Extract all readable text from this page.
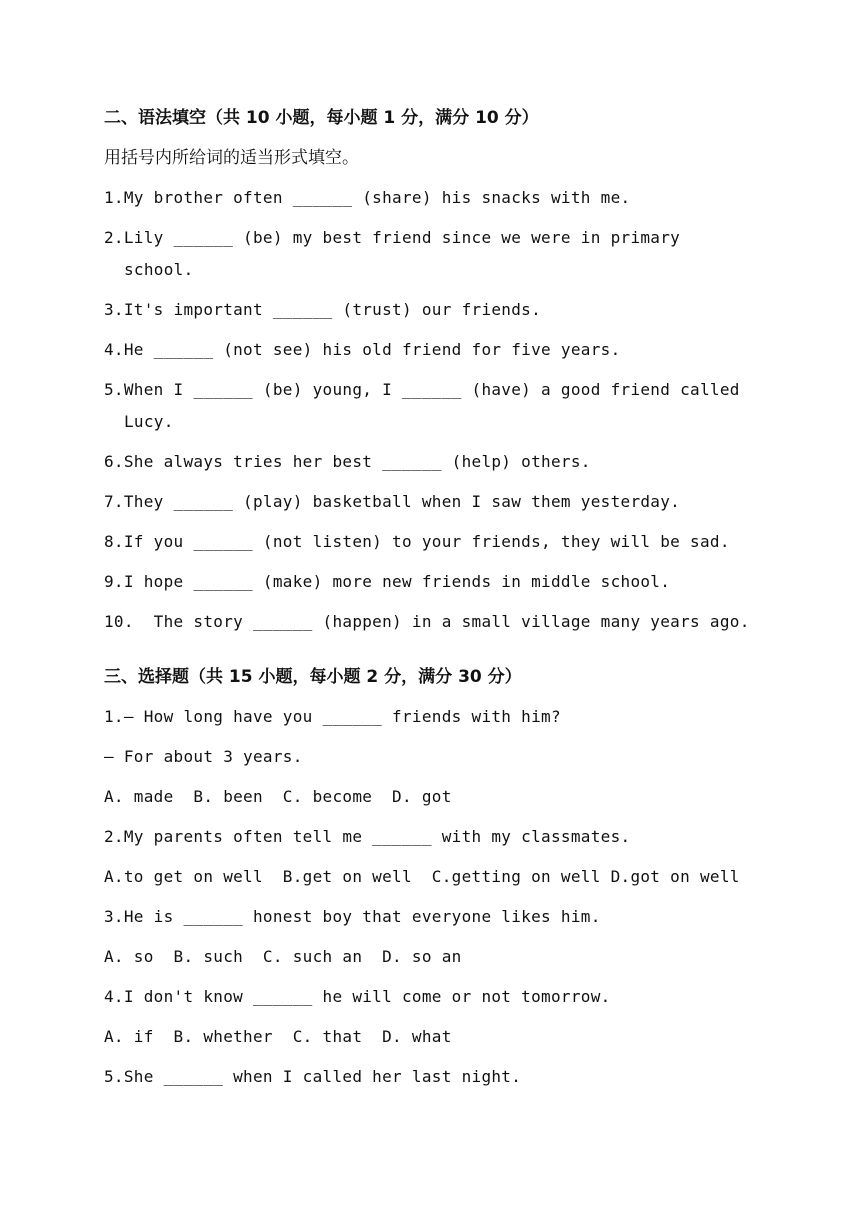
二、语法填空（共 10 小题，每小题 1 分，满分 10 分）
用括号内所给词的适当形式填空。
1.My brother often ______ (share) his snacks with me.
2.Lily ______ (be) my best friend since we were in primary
school.
3.It's important ______ (trust) our friends.
4.He ______ (not see) his old friend for five years.
5.When I ______ (be) young, I ______ (have) a good friend called
Lucy.
6.She always tries her best ______ (help) others.
7.They ______ (play) basketball when I saw them yesterday.
8.If you ______ (not listen) to your friends, they will be sad.
9.I hope ______ (make) more new friends in middle school.
10.  The story ______ (happen) in a small village many years ago.
三、选择题（共 15 小题，每小题 2 分，满分 30 分）
1.— How long have you ______ friends with him?
— For about 3 years.
A. made  B. been  C. become  D. got
2.My parents often tell me ______ with my classmates.
A.to get on well  B.get on well  C.getting on well D.got on well
3.He is ______ honest boy that everyone likes him.
A. so  B. such  C. such an  D. so an
4.I don't know ______ he will come or not tomorrow.
A. if  B. whether  C. that  D. what
5.She ______ when I called her last night.
